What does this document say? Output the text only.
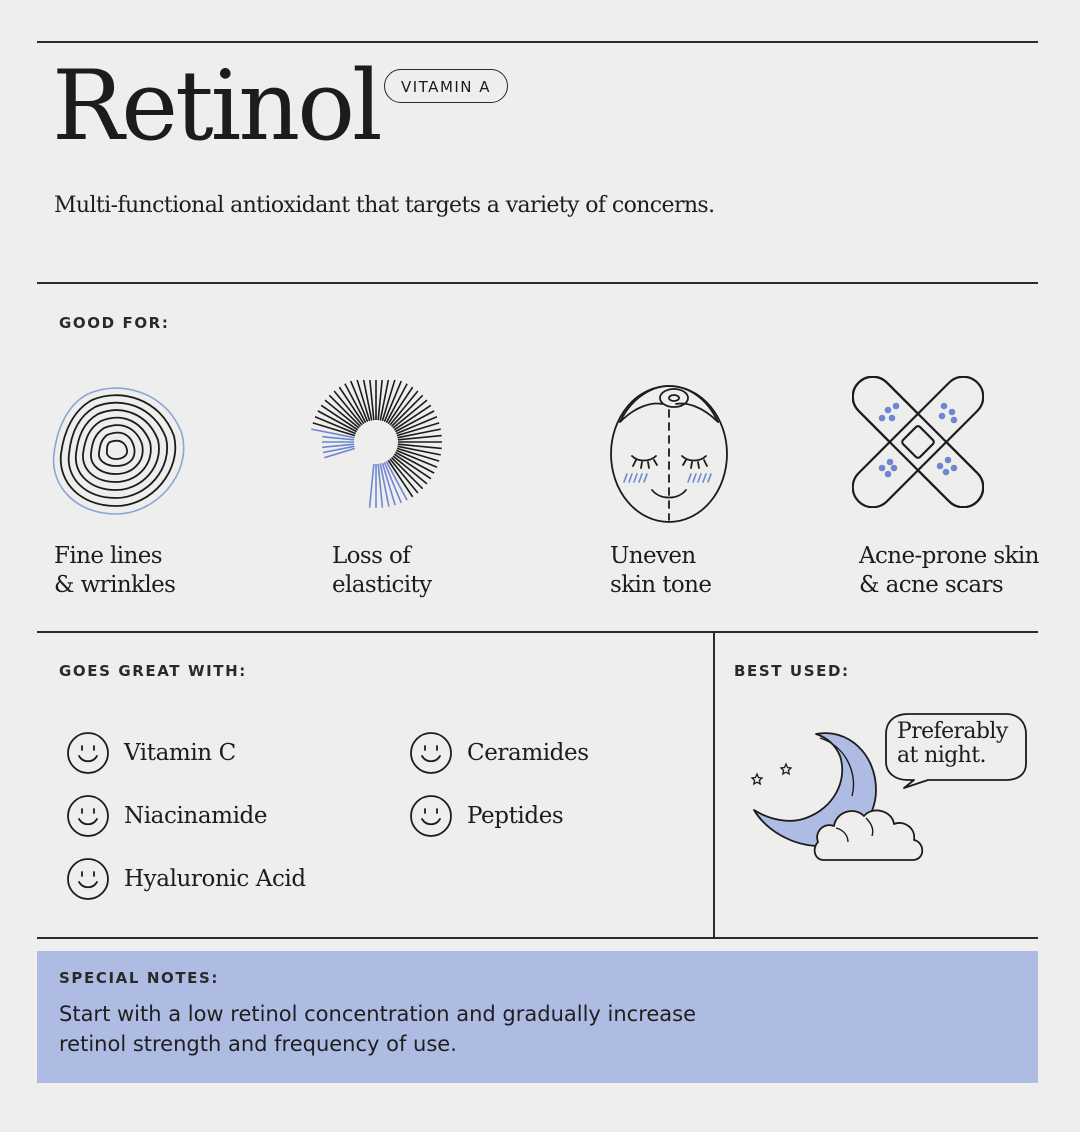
Retinol	VITAMIN A
Multi-functional antioxidant that targets a variety of concerns.
GOOD FOR:
Fine lines
& wrinkles
Loss of
elasticity
Uneven
skin tone
Acne-prone skin
& acne scars
GOES GREAT WITH:
Vitamin C
Niacinamide
Hyaluronic Acid
Ceramides
Peptides
BEST USED:
Preferably
at night.
SPECIAL NOTES:
Start with a low retinol concentration and gradually increase retinol strength and frequency of use.
